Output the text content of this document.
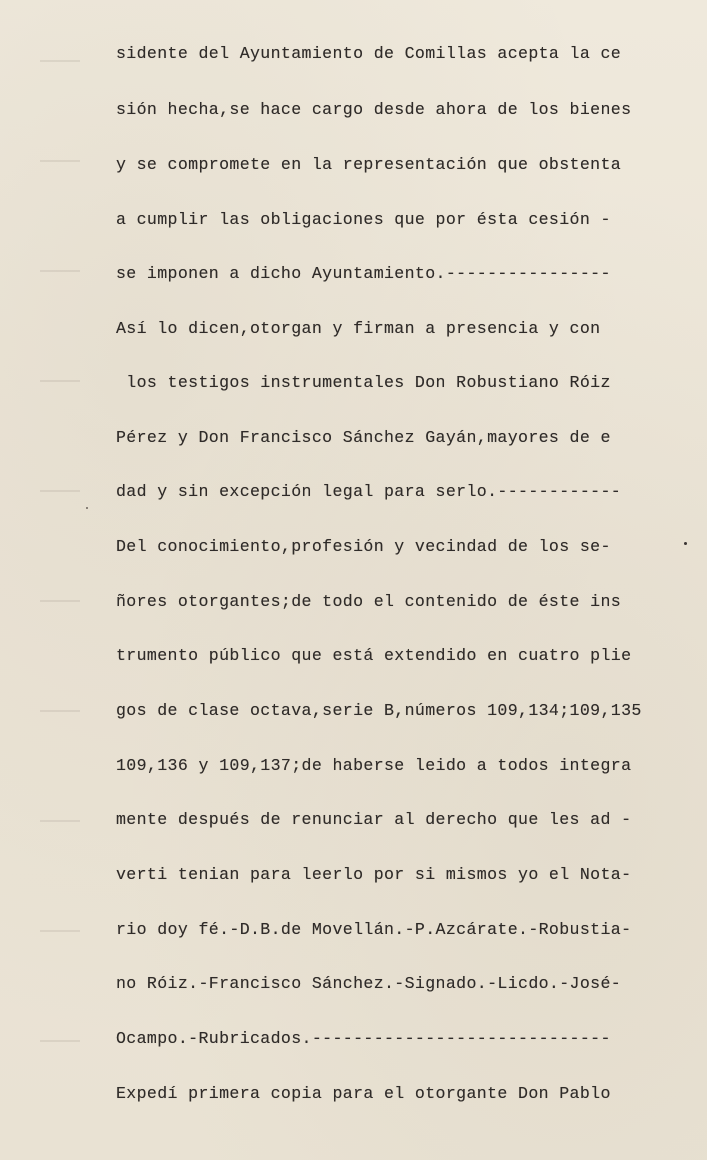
sidente del Ayuntamiento de Comillas acepta la ce
sión hecha,se hace cargo desde ahora de los bienes
y se compromete en la representación que obstenta
a cumplir las obligaciones que por ésta cesión -
se imponen a dicho Ayuntamiento.----------------
Así lo dicen,otorgan y firman a presencia y con
los testigos instrumentales Don Robustiano Róiz
Pérez y Don Francisco Sánchez Gayán,mayores de e
dad y sin excepción legal para serlo.------------
Del conocimiento,profesión y vecindad de los se-
ñores otorgantes;de todo el contenido de éste ins
trumento público que está extendido en cuatro plie
gos de clase octava,serie B,números 109,134;109,135
109,136 y 109,137;de haberse leido a todos integra
mente después de renunciar al derecho que les ad -
verti tenian para leerlo por si mismos yo el Nota-
rio doy fé.-D.B.de Movellán.-P.Azcárate.-Robustia-
no Róiz.-Francisco Sánchez.-Signado.-Licdo.-José-
Ocampo.-Rubricados.-----------------------------
Expedí primera copia para el otorgante Don Pablo
